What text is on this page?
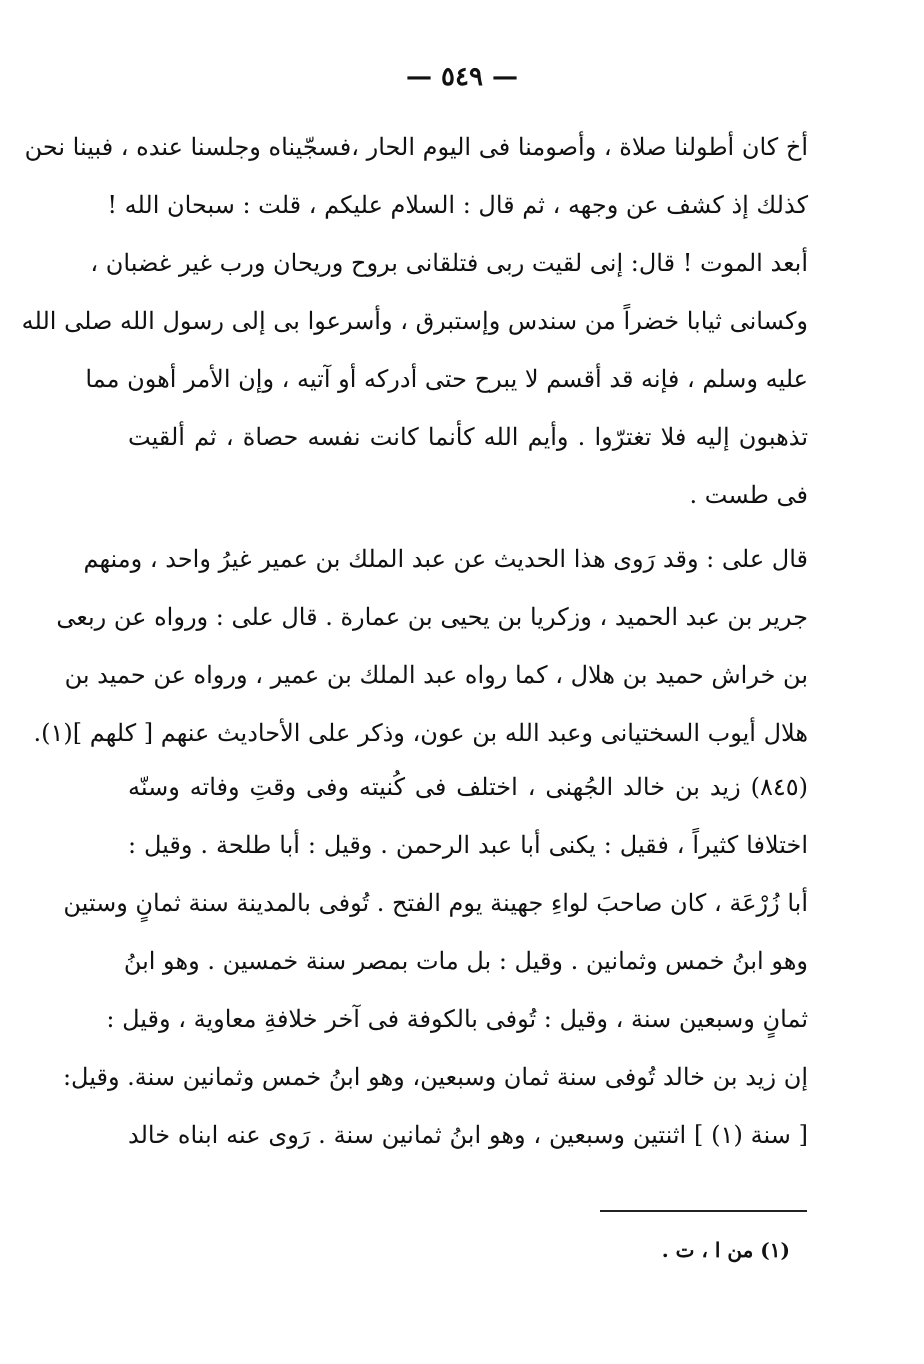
— ٥٤٩ —
أخ كان أطولنا صلاة ، وأصومنا فى اليوم الحار ،فسجّيناه وجلسنا عنده ، فبينا نحن
كذلك إذ كشف عن وجهه ، ثم قال : السلام عليكم ، قلت : سبحان الله !
أبعد الموت ! قال: إنى لقيت ربى فتلقانى بروح وريحان ورب غير غضبان ،
وكسانى ثيابا خضراً من سندس وإستبرق ، وأسرعوا بى إلى رسول الله صلى الله
عليه وسلم ، فإنه قد أقسم لا يبرح حتى أدركه أو آتيه ، وإن الأمر أهون مما
تذهبون إليه فلا تغترّوا . وأيم الله كأنما كانت نفسه حصاة ، ثم ألقيت
فى طست .
قال على : وقد رَوى هذا الحديث عن عبد الملك بن عمير غيرُ واحد ، ومنهم
جرير بن عبد الحميد ، وزكريا بن يحيى بن عمارة . قال على : ورواه عن ربعى
بن خراش حميد بن هلال ، كما رواه عبد الملك بن عمير ، ورواه عن حميد بن
هلال أيوب السختيانى وعبد الله بن عون، وذكر على الأحاديث عنهم [ كلهم ](١).
(٨٤٥) زيد بن خالد الجُهنى ، اختلف فى كُنيته وفى وقتِ وفاته وسنّه
اختلافا كثيراً ، فقيل : يكنى أبا عبد الرحمن . وقيل : أبا طلحة . وقيل :
أبا زُرْعَة ، كان صاحبَ لواءِ جهينة يوم الفتح . تُوفى بالمدينة سنة ثمانٍ وستين
وهو ابنُ خمس وثمانين . وقيل : بل مات بمصر سنة خمسين . وهو ابنُ
ثمانٍ وسبعين سنة ، وقيل : تُوفى بالكوفة فى آخر خلافةِ معاوية ، وقيل :
إن زيد بن خالد تُوفى سنة ثمان وسبعين، وهو ابنُ خمس وثمانين سنة. وقيل:
[ سنة (١) ] اثنتين وسبعين ، وهو ابنُ ثمانين سنة . رَوى عنه ابناه خالد
(١) من ا ، ت .
